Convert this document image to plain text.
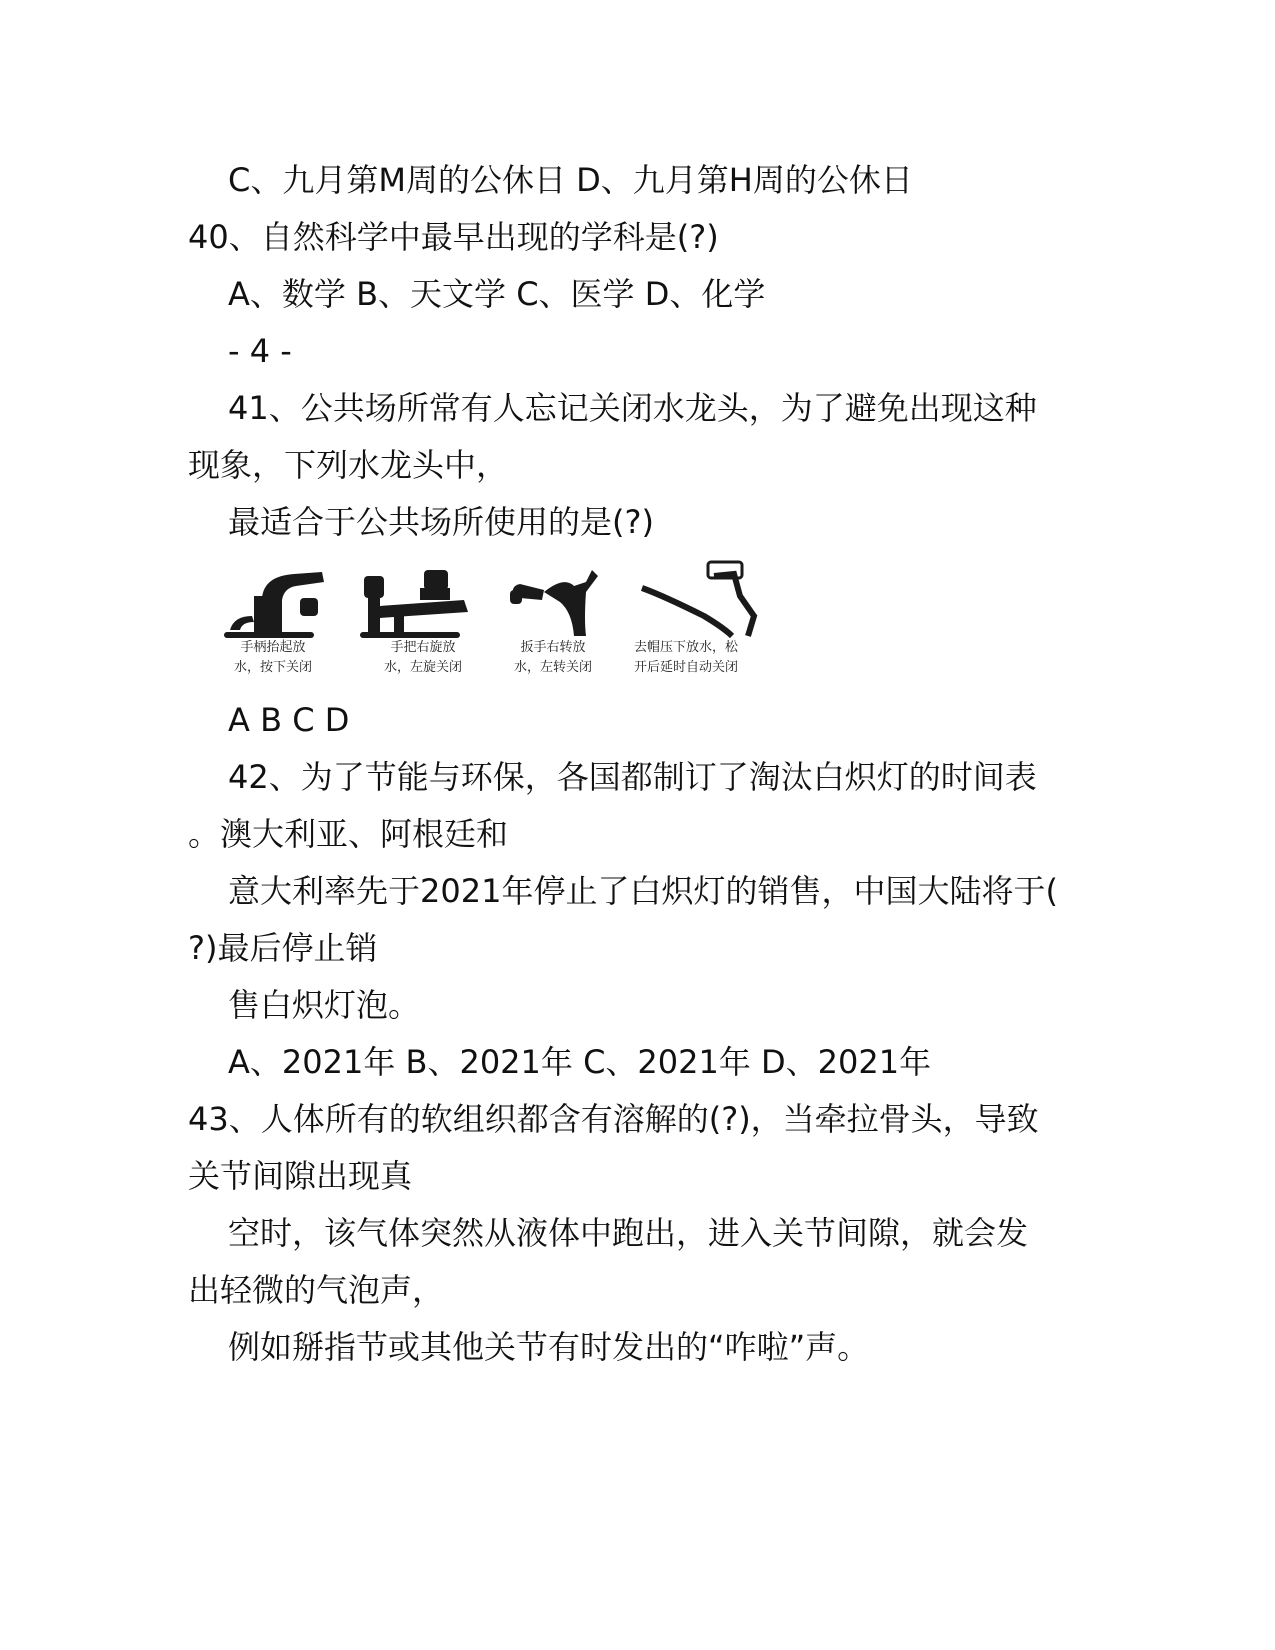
C、九月第M周的公休日 D、九月第H周的公休日

40、自然科学中最早出现的学科是(?)

A、数学 B、天文学 C、医学 D、化学

- 4 -

41、公共场所常有人忘记关闭水龙头，为了避免出现这种

现象，下列水龙头中，

最适合于公共场所使用的是(?)

手柄抬起放
水，按下关闭
手把右旋放
水，左旋关闭
扳手右转放
水，左转关闭
去帽压下放水，松
开后延时自动关闭

A B C D

42、为了节能与环保，各国都制订了淘汰白炽灯的时间表

。澳大利亚、阿根廷和

意大利率先于2021年停止了白炽灯的销售，中国大陆将于(

?)最后停止销

售白炽灯泡。

A、2021年 B、2021年 C、2021年 D、2021年

43、人体所有的软组织都含有溶解的(?)，当牵拉骨头，导致

关节间隙出现真

空时，该气体突然从液体中跑出，进入关节间隙，就会发

出轻微的气泡声，

例如掰指节或其他关节有时发出的“咋啦”声。
